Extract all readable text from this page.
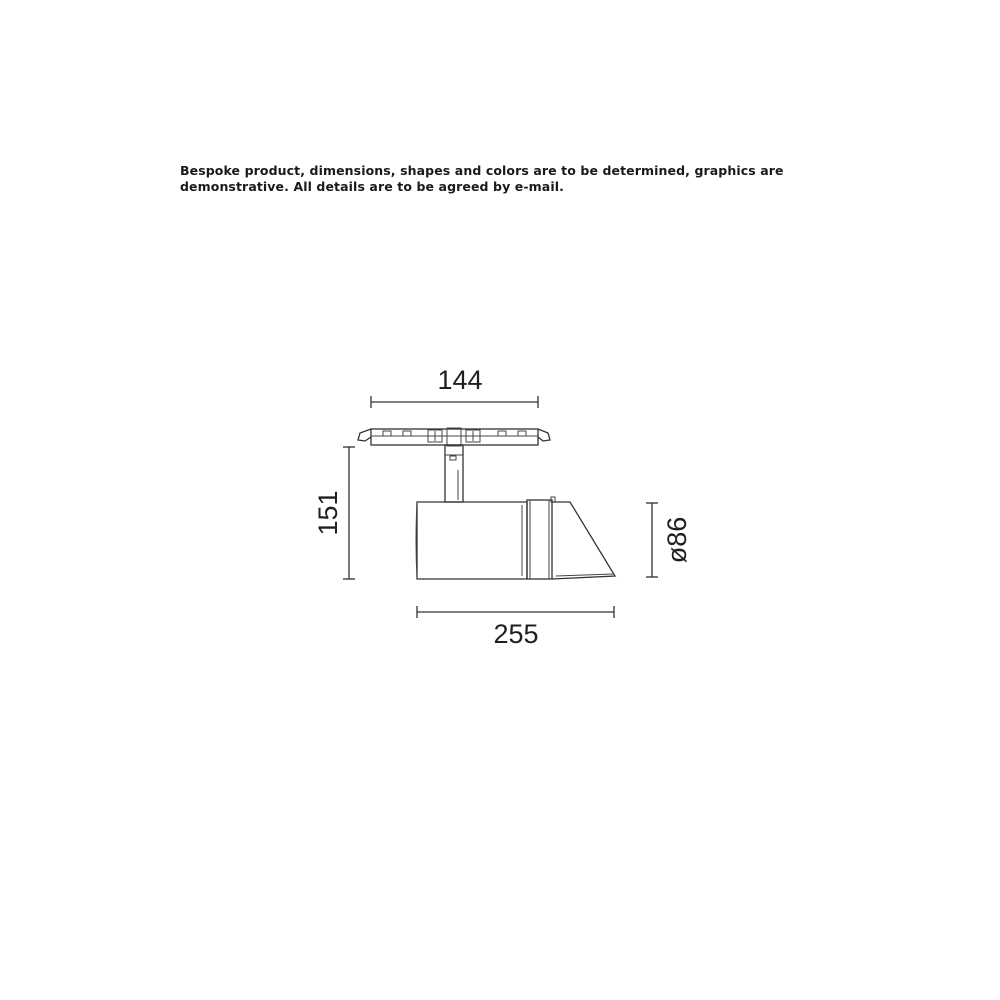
Bespoke product, dimensions, shapes and colors are to be determined, graphics are
demonstrative. All details are to be agreed by e-mail.
144
151
ø86
255
